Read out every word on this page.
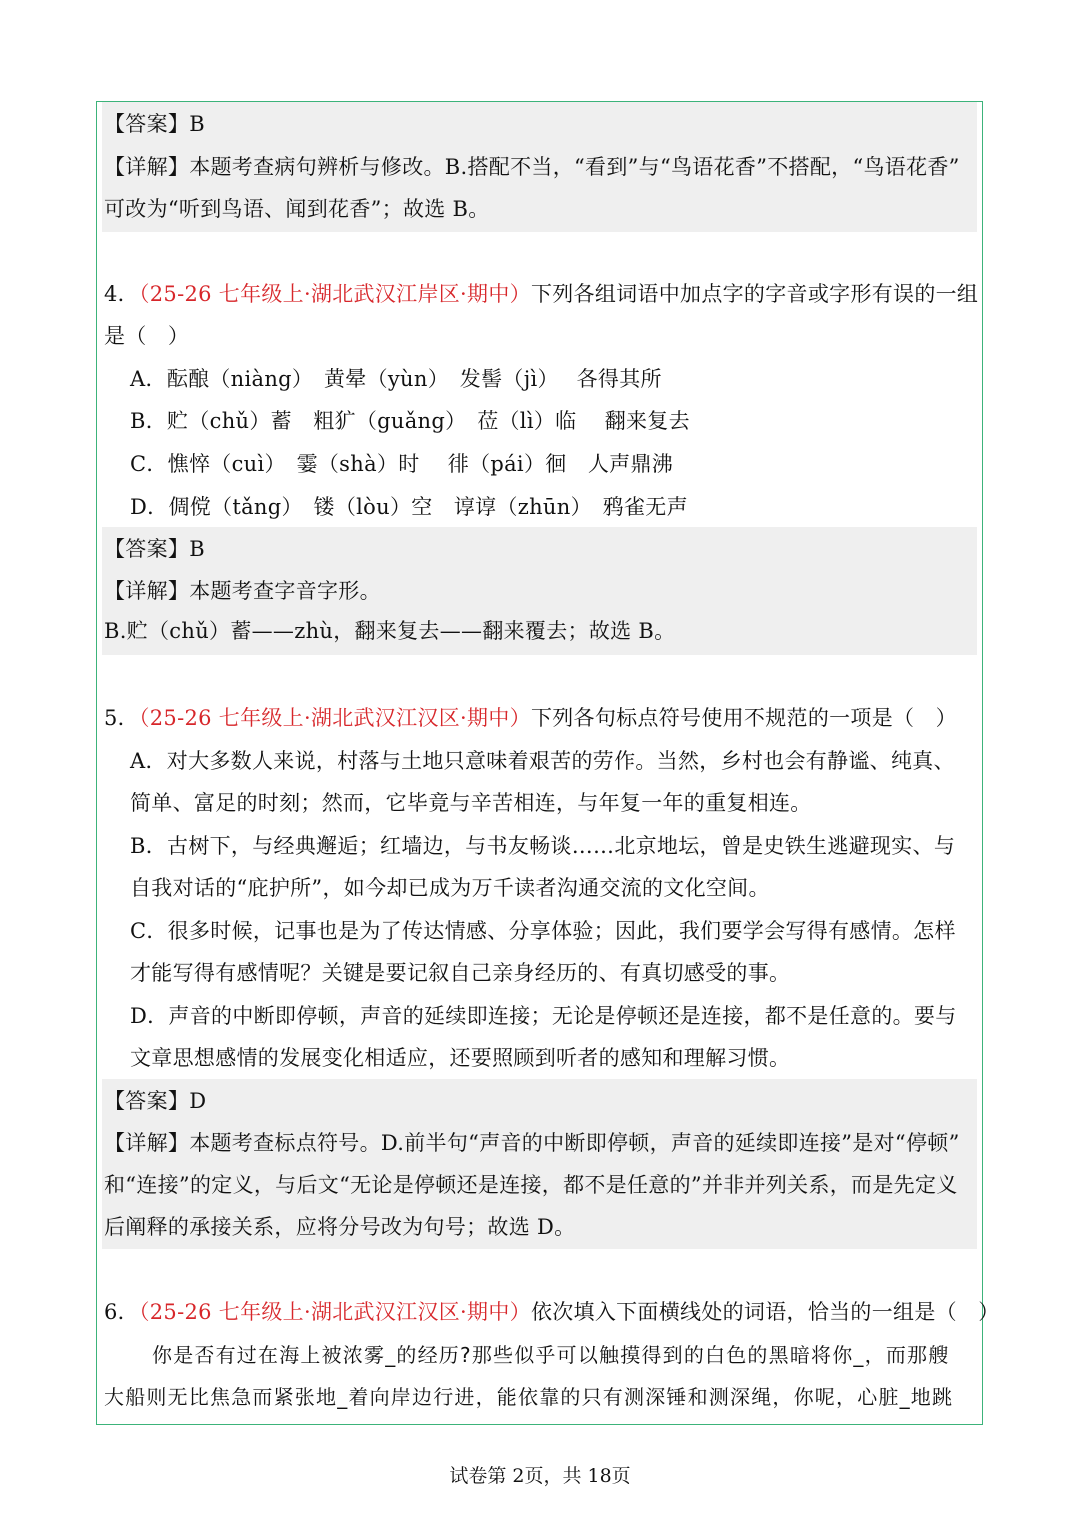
【答案】B
【详解】本题考查病句辨析与修改。B.搭配不当，“看到”与“鸟语花香”不搭配，“鸟语花香”
可改为“听到鸟语、闻到花香”；故选 B。
4．（25-26 七年级上·湖北武汉江岸区·期中）下列各组词语中加点字的字音或字形有误的一组
是（　）
A．酝酿（niàng）　黄晕（yùn）　发髻（jì）　 各得其所
B．贮（chǔ）蓄　粗犷（guǎng）　莅（lì）临　 翻来复去
C．憔悴（cuì）　霎（shà）时　 徘（pái）徊　人声鼎沸
D．倜傥（tǎng）　镂（lòu）空　谆谆（zhūn）　鸦雀无声
【答案】B
【详解】本题考查字音字形。
B.贮（chǔ）蓄——zhù，翻来复去——翻来覆去；故选 B。
5．（25-26 七年级上·湖北武汉江汉区·期中）下列各句标点符号使用不规范的一项是（　）
A．对大多数人来说，村落与土地只意味着艰苦的劳作。当然，乡村也会有静谧、纯真、
简单、富足的时刻；然而，它毕竟与辛苦相连，与年复一年的重复相连。
B．古树下，与经典邂逅；红墙边，与书友畅谈……北京地坛，曾是史铁生逃避现实、与
自我对话的“庇护所”，如今却已成为万千读者沟通交流的文化空间。
C．很多时候，记事也是为了传达情感、分享体验；因此，我们要学会写得有感情。怎样
才能写得有感情呢？关键是要记叙自己亲身经历的、有真切感受的事。
D．声音的中断即停顿，声音的延续即连接；无论是停顿还是连接，都不是任意的。要与
文章思想感情的发展变化相适应，还要照顾到听者的感知和理解习惯。
【答案】D
【详解】本题考查标点符号。D.前半句“声音的中断即停顿，声音的延续即连接”是对“停顿”
和“连接”的定义，与后文“无论是停顿还是连接，都不是任意的”并非并列关系，而是先定义
后阐释的承接关系，应将分号改为句号；故选 D。
6．（25-26 七年级上·湖北武汉江汉区·期中）依次填入下面横线处的词语，恰当的一组是（　）
你是否有过在海上被浓雾_的经历?那些似乎可以触摸得到的白色的黑暗将你_，而那艘
大船则无比焦急而紧张地_着向岸边行进，能依靠的只有测深锤和测深绳，你呢，心脏_地跳
试卷第 2页，共 18页
